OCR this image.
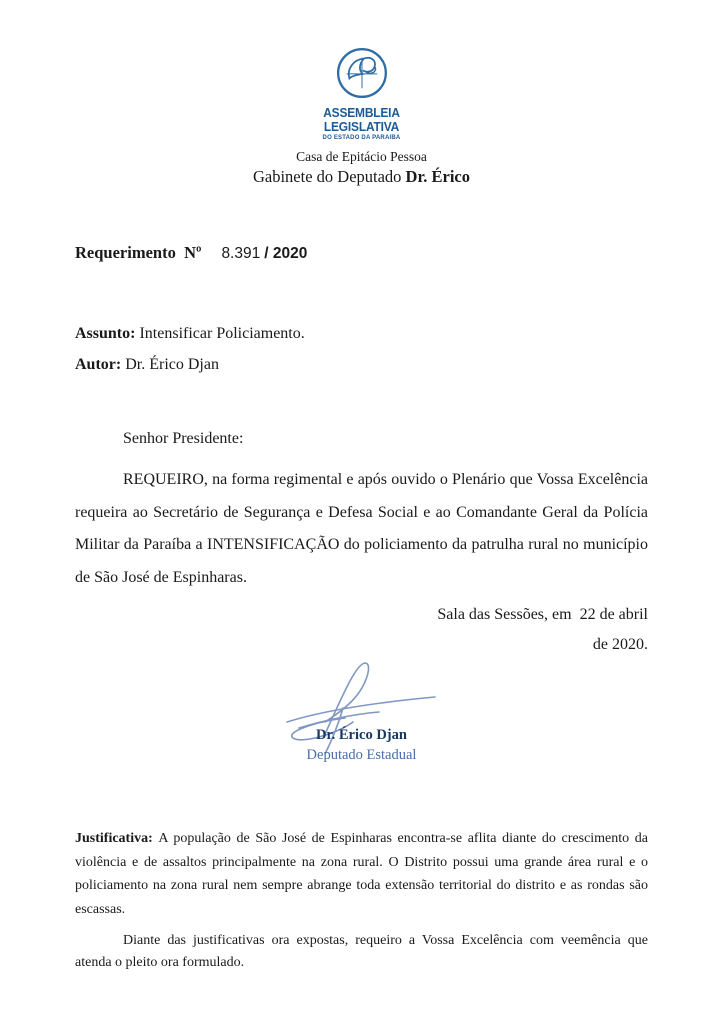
ASSEMBLEIA
LEGISLATIVA
DO ESTADO DA PARAIBA
Casa de Epitácio Pessoa
Gabinete do Deputado Dr. Érico
Requerimento  Nº 8.391 / 2020
Assunto: Intensificar Policiamento.
Autor: Dr. Érico Djan
Senhor Presidente:
REQUEIRO, na forma regimental e após ouvido o Plenário que Vossa Excelência requeira ao Secretário de Segurança e Defesa Social e ao Comandante Geral da Polícia Militar da Paraíba a INTENSIFICAÇÃO do policiamento da patrulha rural no município de São José de Espinharas.
Sala das Sessões, em  22 de abril
de 2020.
Dr. Érico Djan
Deputado Estadual
Justificativa: A população de São José de Espinharas encontra-se aflita diante do crescimento da violência e de assaltos principalmente na zona rural. O Distrito possui uma grande área rural e o policiamento na zona rural nem sempre abrange toda extensão territorial do distrito e as rondas são escassas.
Diante das justificativas ora expostas, requeiro a Vossa Excelência com veemência que atenda o pleito ora formulado.
